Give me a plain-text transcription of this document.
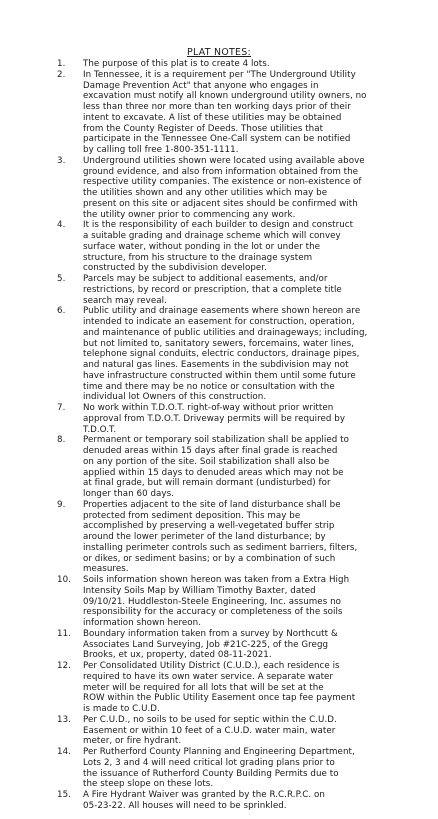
PLAT NOTES:
1.	The purpose of this plat is to create 4 lots.
2.	In Tennessee, it is a requirement per "The Underground Utility
Damage Prevention Act" that anyone who engages in
excavation must notify all known underground utility owners, no
less than three nor more than ten working days prior of their
intent to excavate. A list of these utilities may be obtained
from the County Register of Deeds. Those utilities that
participate in the Tennessee One-Call system can be notified
by calling toll free 1-800-351-1111.
3.	Underground utilities shown were located using available above
ground evidence, and also from information obtained from the
respective utility companies. The existence or non-existence of
the utilities shown and any other utilities which may be
present on this site or adjacent sites should be confirmed with
the utility owner prior to commencing any work.
4.	It is the responsibility of each builder to design and construct
a suitable grading and drainage scheme which will convey
surface water, without ponding in the lot or under the
structure, from his structure to the drainage system
constructed by the subdivision developer.
5.	Parcels may be subject to additional easements, and/or
restrictions, by record or prescription, that a complete title
search may reveal.
6.	Public utility and drainage easements where shown hereon are
intended to indicate an easement for construction, operation,
and maintenance of public utilities and drainageways; including,
but not limited to, sanitatory sewers, forcemains, water lines,
telephone signal conduits, electric conductors, drainage pipes,
and natural gas lines. Easements in the subdivision may not
have infrastructure constructed within them until some future
time and there may be no notice or consultation with the
individual lot Owners of this construction.
7.	No work within T.D.O.T. right-of-way without prior written
approval from T.D.O.T. Driveway permits will be required by
T.D.O.T.
8.	Permanent or temporary soil stabilization shall be applied to
denuded areas within 15 days after final grade is reached
on any portion of the site. Soil stabilization shall also be
applied within 15 days to denuded areas which may not be
at final grade, but will remain dormant (undisturbed) for
longer than 60 days.
9.	Properties adjacent to the site of land disturbance shall be
protected from sediment deposition. This may be
accomplished by preserving a well-vegetated buffer strip
around the lower perimeter of the land disturbance; by
installing perimeter controls such as sediment barriers, filters,
or dikes, or sediment basins; or by a combination of such
measures.
10.	Soils information shown hereon was taken from a Extra High
Intensity Soils Map by William Timothy Baxter, dated
09/10/21. Huddleston-Steele Engineering, Inc. assumes no
responsibility for the accuracy or completeness of the soils
information shown hereon.
11.	Boundary information taken from a survey by Northcutt &
Associates Land Surveying, Job #21C-225, of the Gregg
Brooks, et ux, property, dated 08-11-2021.
12.	Per Consolidated Utility District (C.U.D.), each residence is
required to have its own water service. A separate water
meter will be required for all lots that will be set at the
ROW within the Public Utility Easement once tap fee payment
is made to C.U.D.
13.	Per C.U.D., no soils to be used for septic within the C.U.D.
Easement or within 10 feet of a C.U.D. water main, water
meter, or fire hydrant.
14.	Per Rutherford County Planning and Engineering Department,
Lots 2, 3 and 4 will need critical lot grading plans prior to
the issuance of Rutherford County Building Permits due to
the steep slope on these lots.
15.	A Fire Hydrant Waiver was granted by the R.C.R.P.C. on
05-23-22. All houses will need to be sprinkled.
